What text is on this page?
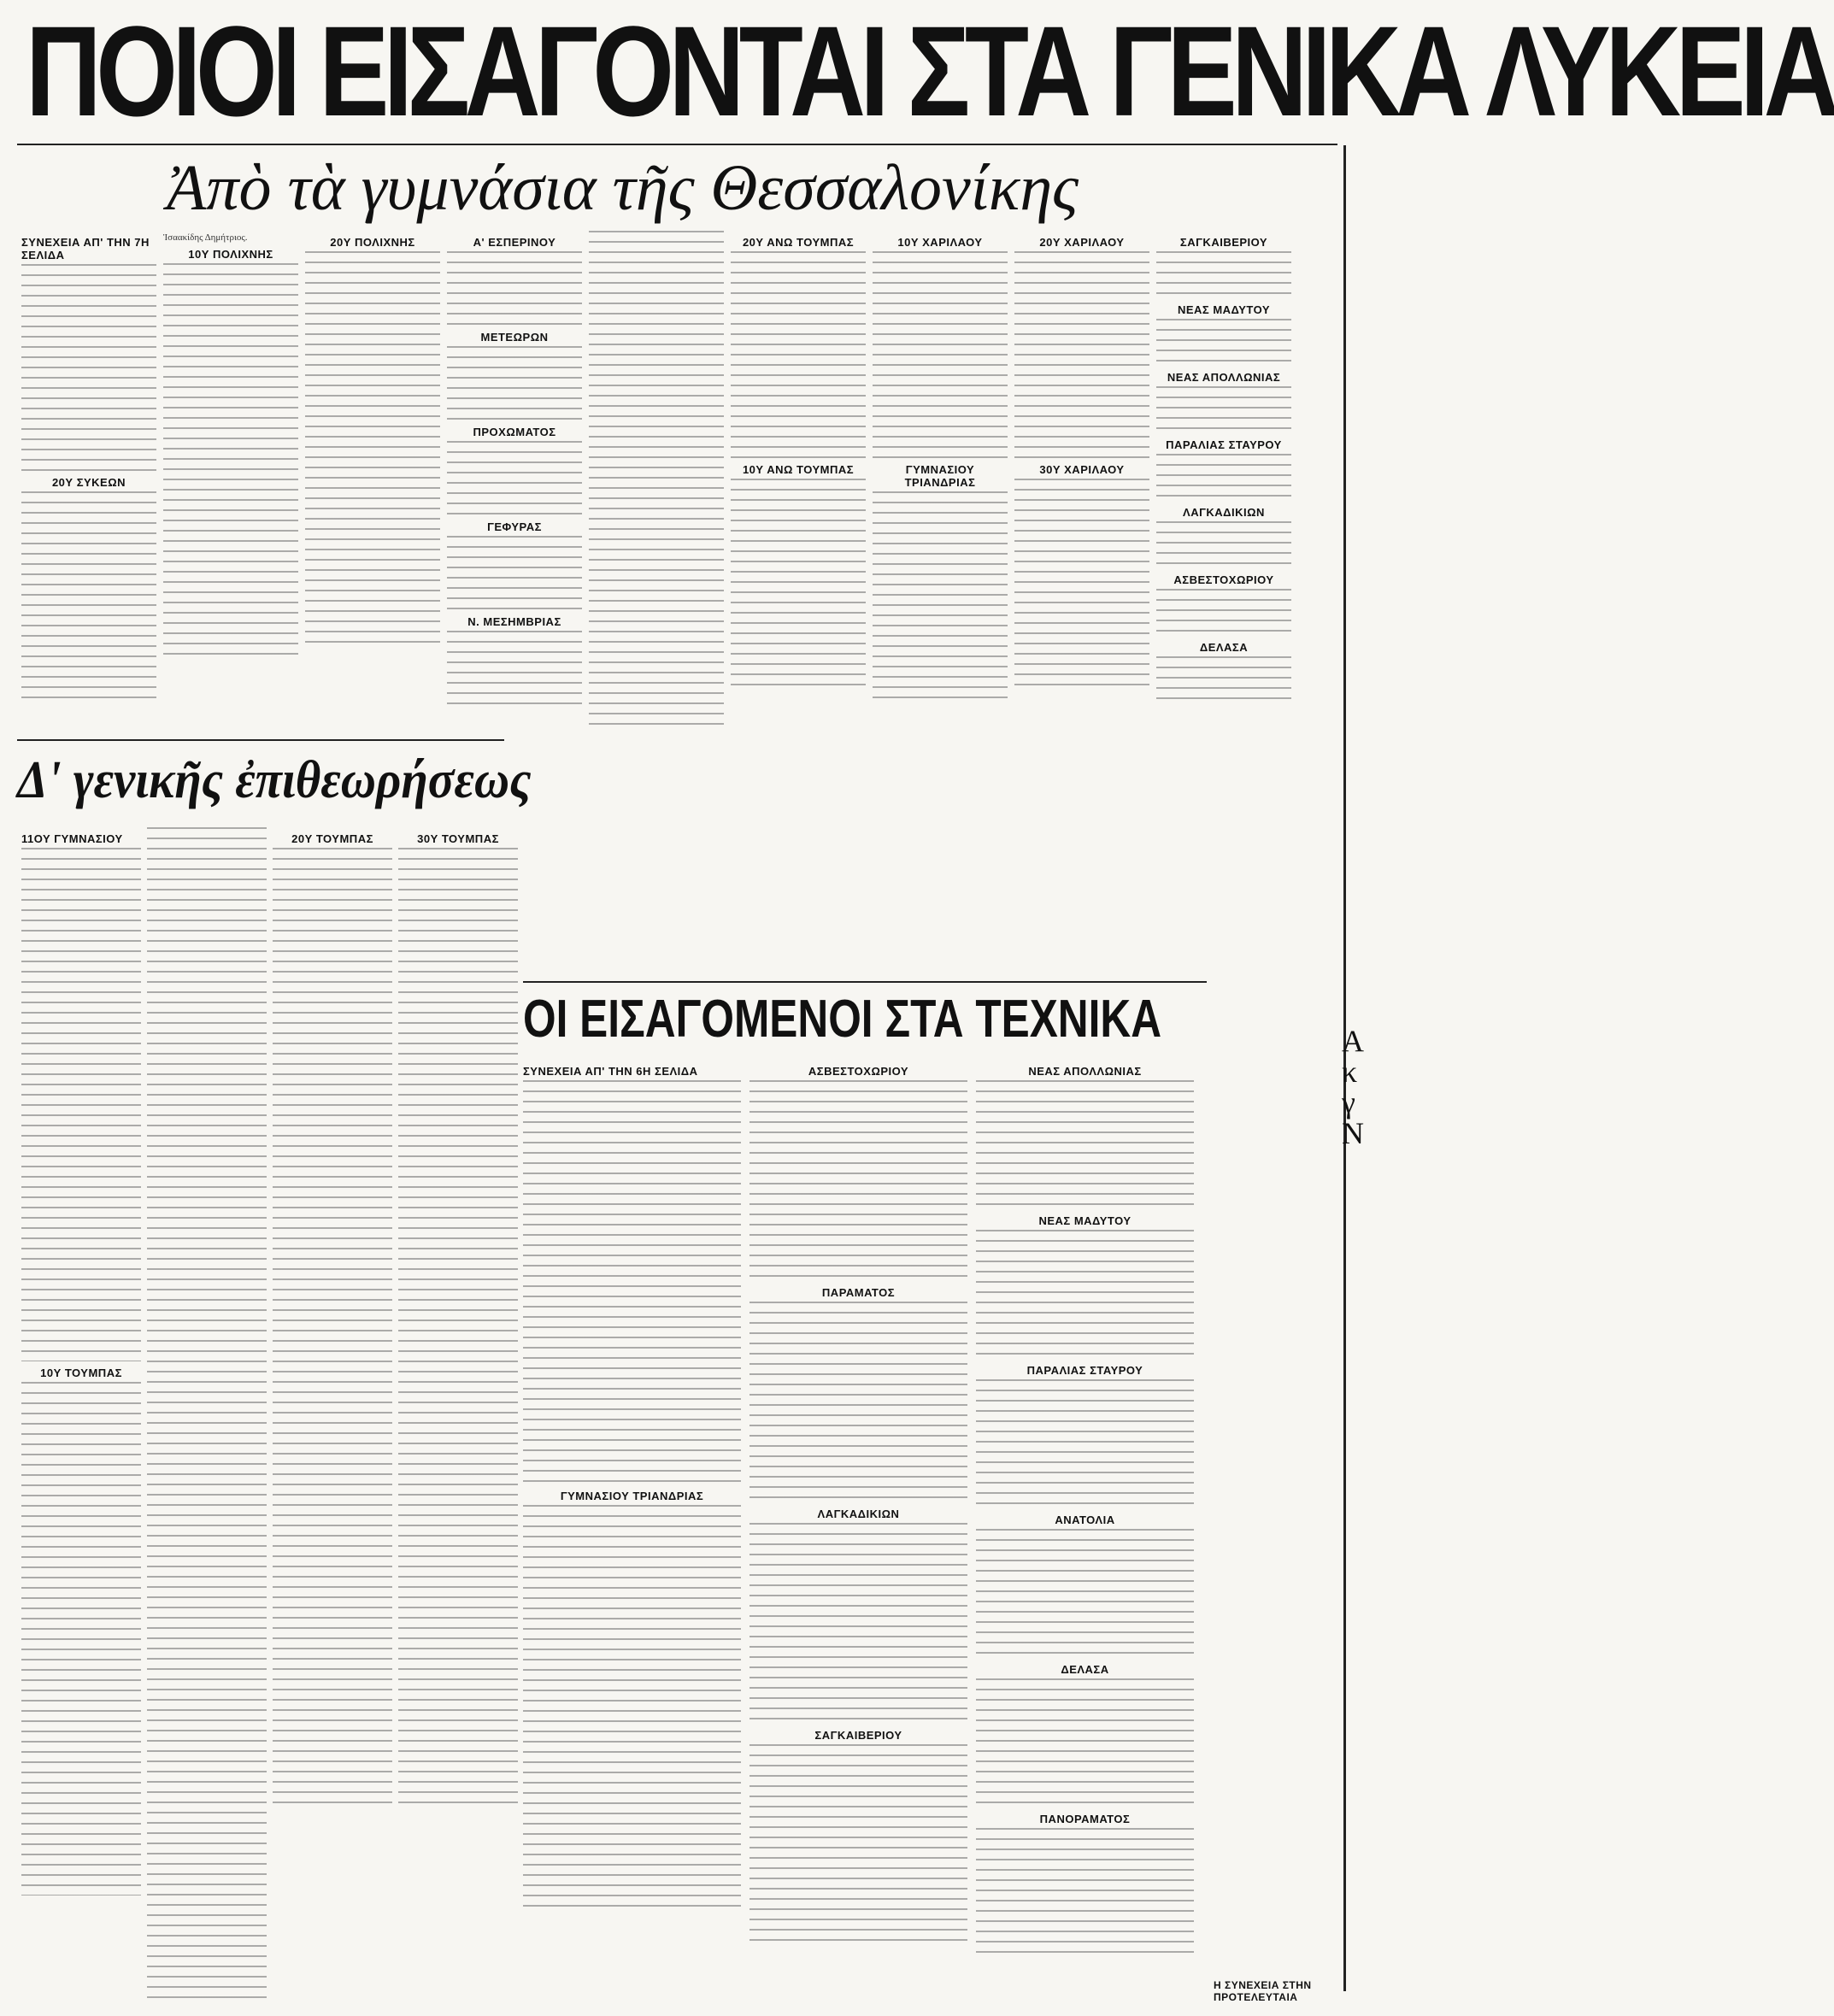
ΠΟΙΟΙ ΕΙΣΑΓΟΝΤΑΙ ΣΤΑ ΓΕΝΙΚΑ ΛΥΚΕΙΑ
Ἀπὸ τὰ γυμνάσια τῆς Θεσσαλονίκης
ΣΥΝΕΧΕΙΑ ΑΠ' ΤΗΝ 7Η ΣΕΛΙΔΑ
20Υ ΣΥΚΕΩΝ
Ἰσαακίδης Δημήτριος.
10Υ ΠΟΛΙΧΝΗΣ
20Υ ΠΟΛΙΧΝΗΣ	Α' ΕΣΠΕΡΙΝΟΥ
ΜΕΤΕΩΡΩΝ
ΠΡΟΧΩΜΑΤΟΣ
ΓΕΦΥΡΑΣ
Ν. ΜΕΣΗΜΒΡΙΑΣ
20Υ ΑΝΩ ΤΟΥΜΠΑΣ
10Υ ΑΝΩ ΤΟΥΜΠΑΣ
10Υ ΧΑΡΙΛΑΟΥ
ΓΥΜΝΑΣΙΟΥ ΤΡΙΑΝΔΡΙΑΣ
20Υ ΧΑΡΙΛΑΟΥ
30Υ ΧΑΡΙΛΑΟΥ
ΣΑΓΚΑΙΒΕΡΙΟΥ
ΝΕΑΣ ΜΑΔΥΤΟΥ
ΝΕΑΣ ΑΠΟΛΛΩΝΙΑΣ
ΠΑΡΑΛΙΑΣ ΣΤΑΥΡΟΥ
ΛΑΓΚΑΔΙΚΙΩΝ
ΑΣΒΕΣΤΟΧΩΡΙΟΥ
ΔΕΛΑΣΑ
Δ' γενικῆς ἐπιθεωρήσεως
11ΟΥ ΓΥΜΝΑΣΙΟΥ
10Υ ΤΟΥΜΠΑΣ
20Υ ΤΟΥΜΠΑΣ	30Υ ΤΟΥΜΠΑΣ
ΟΙ ΕΙΣΑΓΟΜΕΝΟΙ ΣΤΑ ΤΕΧΝΙΚΑ
ΣΥΝΕΧΕΙΑ ΑΠ' ΤΗΝ 6Η ΣΕΛΙΔΑ
ΓΥΜΝΑΣΙΟΥ ΤΡΙΑΝΔΡΙΑΣ
ΑΣΒΕΣΤΟΧΩΡΙΟΥ
ΠΑΡΑΜΑΤΟΣ
ΛΑΓΚΑΔΙΚΙΩΝ
ΣΑΓΚΑΙΒΕΡΙΟΥ
ΝΕΑΣ ΑΠΟΛΛΩΝΙΑΣ
ΝΕΑΣ ΜΑΔΥΤΟΥ
ΠΑΡΑΛΙΑΣ ΣΤΑΥΡΟΥ
ΑΝΑΤΟΛΙΑ
ΔΕΛΑΣΑ
ΠΑΝΟΡΑΜΑΤΟΣ
Α
κ
γ
Ν
Η ΣΥΝΕΧΕΙΑ ΣΤΗΝ ΠΡΟΤΕΛΕΥΤΑΙΑ
